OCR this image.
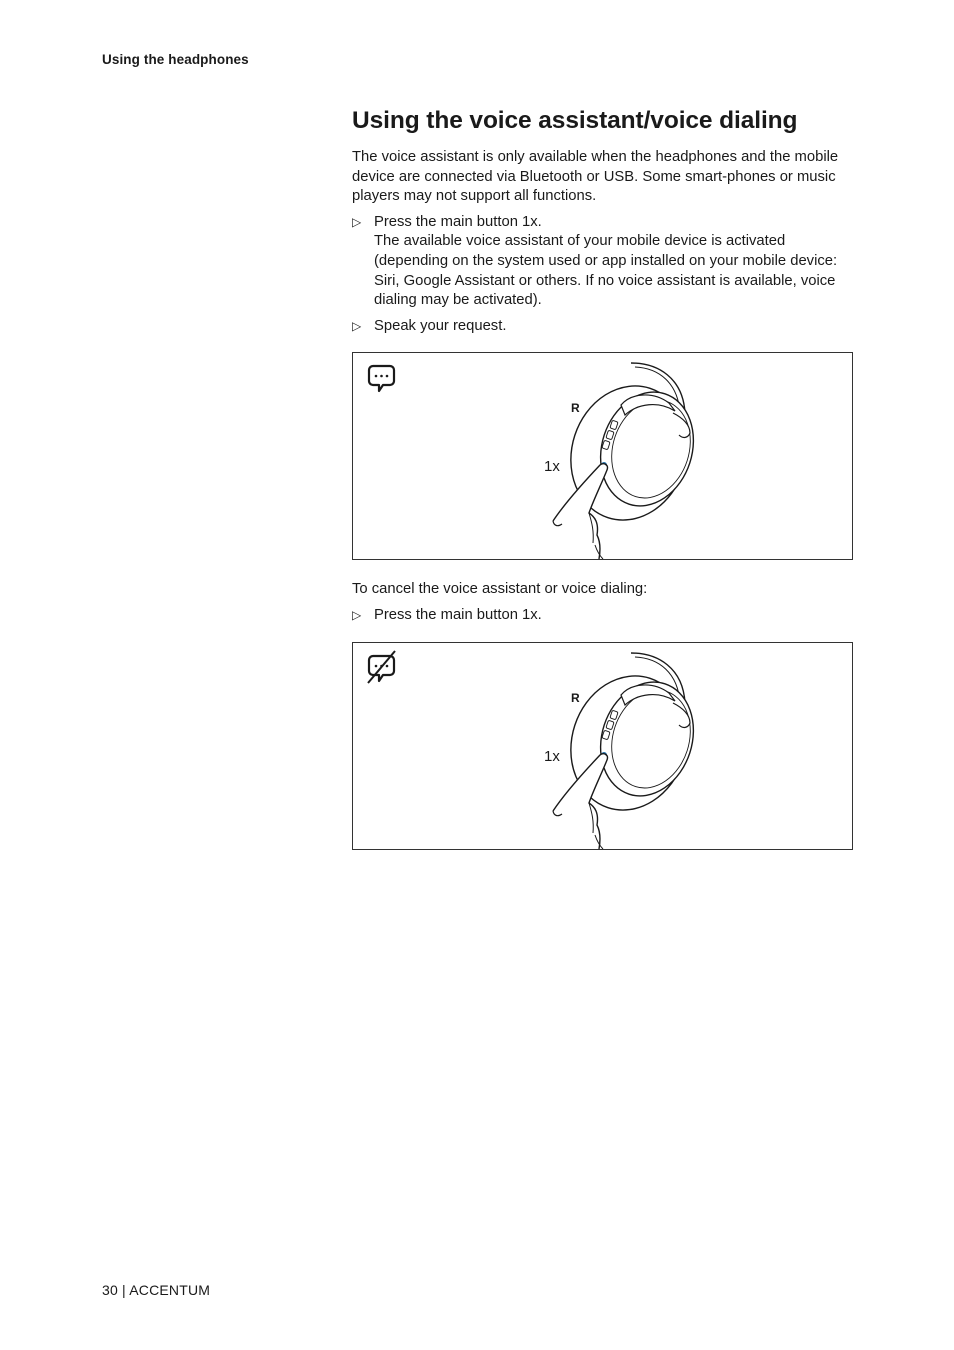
Using the headphones
Using the voice assistant/voice dialing

The voice assistant is only available when the headphones and the mobile device are connected via Bluetooth or USB. Some smart-phones or music players may not support all functions.

▷ Press the main button 1x.
The available voice assistant of your mobile device is activated (depending on the system used or app installed on your mobile device: Siri, Google Assistant or others. If no voice assistant is available, voice dialing may be activated).
▷ Speak your request.
R
1x
To cancel the voice assistant or voice dialing:
▷ Press the main button 1x.
R
1x
30 | ACCENTUM
